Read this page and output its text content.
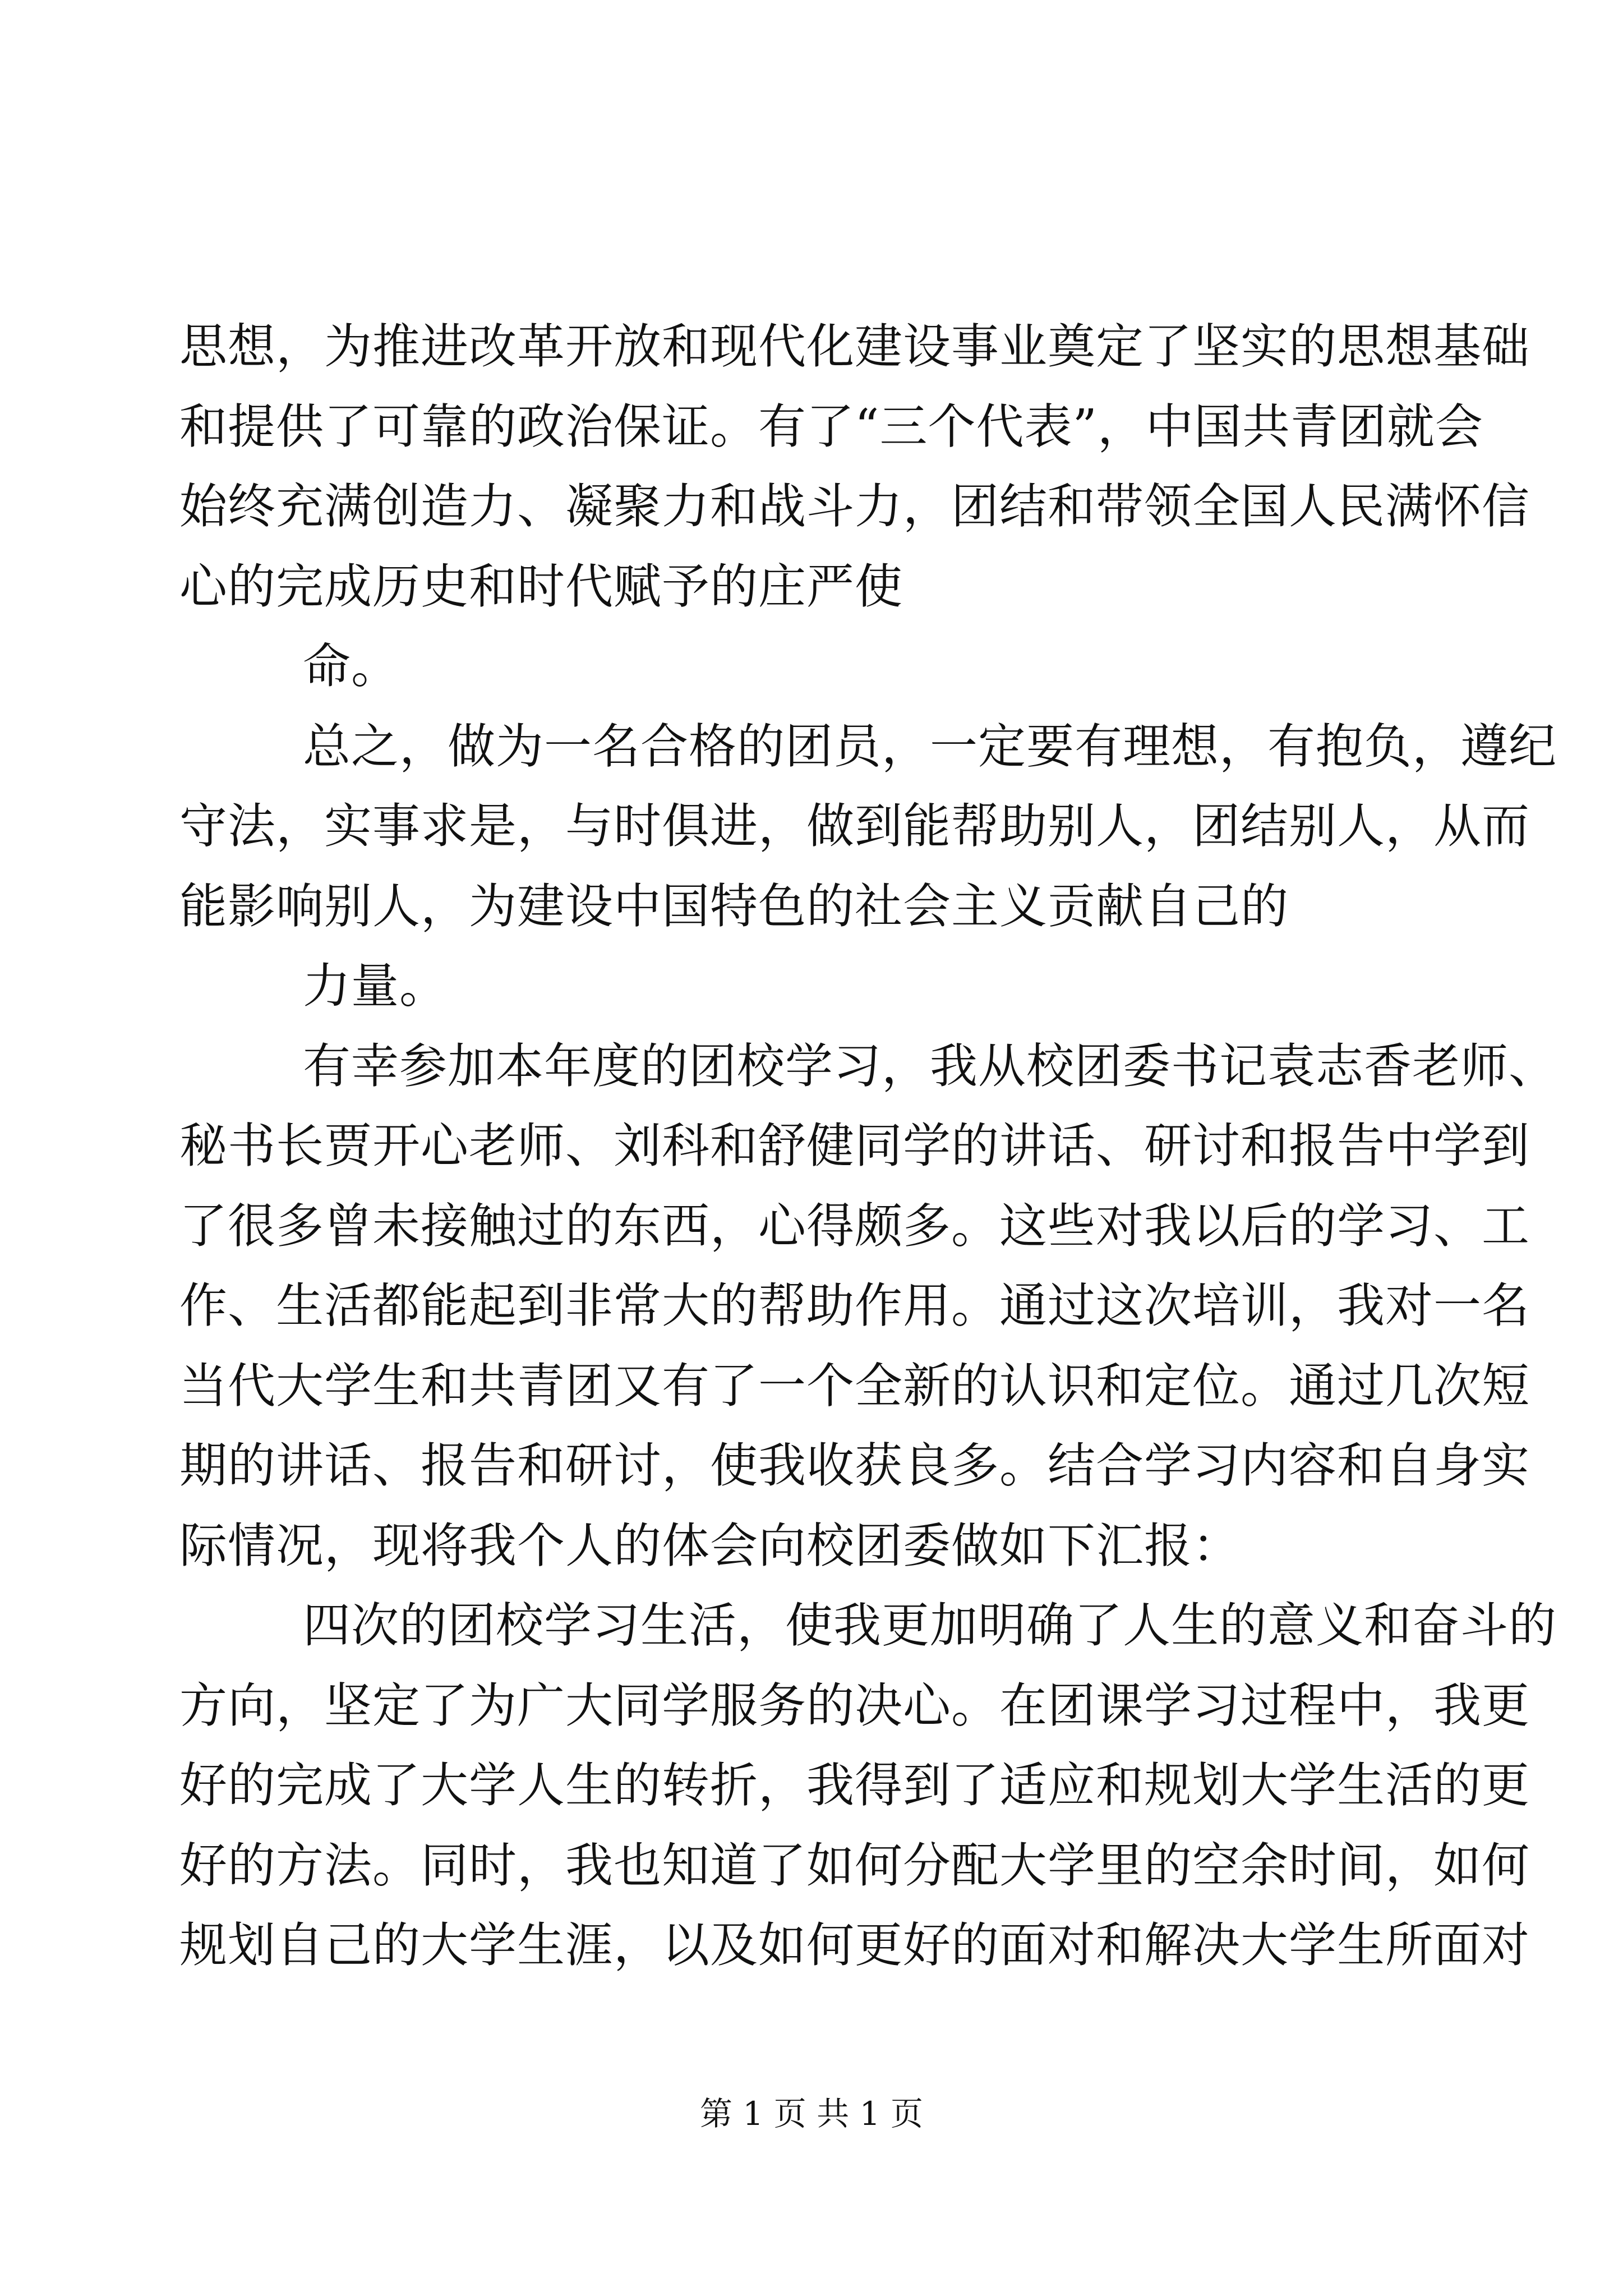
思想，为推进改革开放和现代化建设事业奠定了坚实的思想基础
和提供了可靠的政治保证。有了“三个代表”，中国共青团就会
始终充满创造力、凝聚力和战斗力，团结和带领全国人民满怀信
心的完成历史和时代赋予的庄严使
命。
总之，做为一名合格的团员，一定要有理想，有抱负，遵纪
守法，实事求是，与时俱进，做到能帮助别人，团结别人，从而
能影响别人，为建设中国特色的社会主义贡献自己的
力量。
有幸参加本年度的团校学习，我从校团委书记袁志香老师、
秘书长贾开心老师、刘科和舒健同学的讲话、研讨和报告中学到
了很多曾未接触过的东西，心得颇多。这些对我以后的学习、工
作、生活都能起到非常大的帮助作用。通过这次培训，我对一名
当代大学生和共青团又有了一个全新的认识和定位。通过几次短
期的讲话、报告和研讨，使我收获良多。结合学习内容和自身实
际情况，现将我个人的体会向校团委做如下汇报：
四次的团校学习生活，使我更加明确了人生的意义和奋斗的
方向，坚定了为广大同学服务的决心。在团课学习过程中，我更
好的完成了大学人生的转折，我得到了适应和规划大学生活的更
好的方法。同时，我也知道了如何分配大学里的空余时间，如何
规划自己的大学生涯，以及如何更好的面对和解决大学生所面对
第 1 页 共 1 页
